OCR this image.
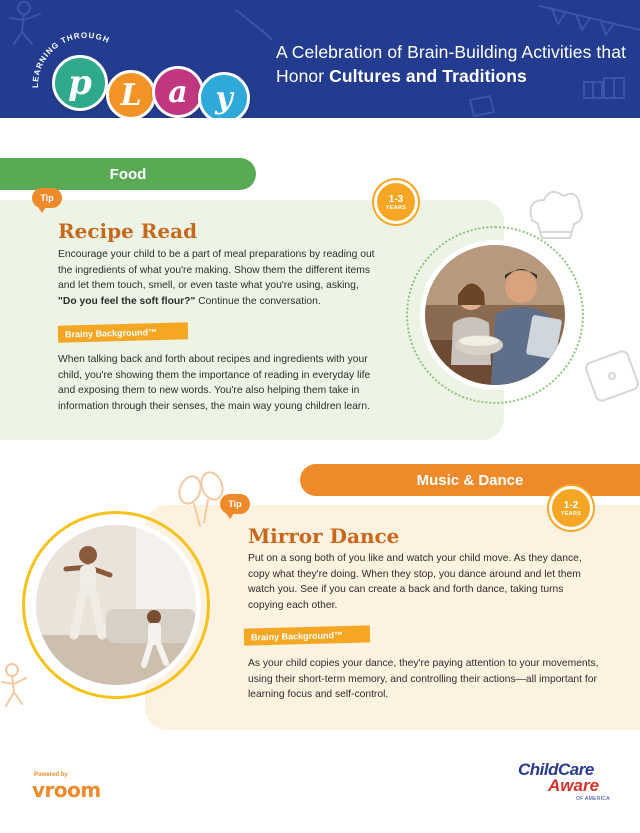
LEARNING THROUGH
p L a y
A Celebration of Brain-Building Activities that Honor Cultures and Traditions
Food
Tip	1-3
YEARS
Recipe Read
Encourage your child to be a part of meal preparations by reading out the ingredients of what you're making. Show them the different items and let them touch, smell, or even taste what you're using, asking, "Do you feel the soft flour?" Continue the conversation.
Brainy Background™
When talking back and forth about recipes and ingredients with your child, you're showing them the importance of reading in everyday life and exposing them to new words. You're also helping them take in information through their senses, the main way young children learn.
Music & Dance
Tip	1-2
YEARS
Mirror Dance
Put on a song both of you like and watch your child move. As they dance, copy what they're doing. When they stop, you dance around and let them watch you. See if you can create a back and forth dance, taking turns copying each other.
Brainy Background™
As your child copies your dance, they're paying attention to your movements, using their short-term memory, and controlling their actions—all important for learning focus and self-control.
Powered by
vroom
ChildCare
Aware
OF AMERICA
